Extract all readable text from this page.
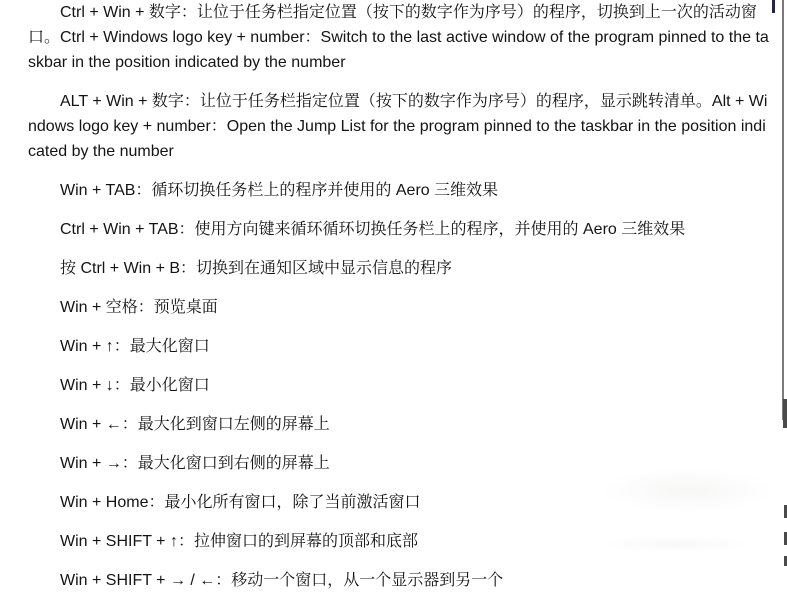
Ctrl + Win + 数字：让位于任务栏指定位置（按下的数字作为序号）的程序，切换到上一次的活动窗口。Ctrl + Windows logo key + number：Switch to the last active window of the program pinned to the taskbar in the position indicated by the number

ALT + Win + 数字：让位于任务栏指定位置（按下的数字作为序号）的程序，显示跳转清单。Alt + Windows logo key + number：Open the Jump List for the program pinned to the taskbar in the position indicated by the number

Win + TAB：循环切换任务栏上的程序并使用的 Aero 三维效果

Ctrl + Win + TAB：使用方向键来循环循环切换任务栏上的程序，并使用的 Aero 三维效果

按 Ctrl + Win + B：切换到在通知区域中显示信息的程序

Win + 空格：预览桌面

Win + ↑：最大化窗口

Win + ↓：最小化窗口

Win + ←：最大化到窗口左侧的屏幕上

Win + →：最大化窗口到右侧的屏幕上

Win + Home：最小化所有窗口，除了当前激活窗口

Win + SHIFT + ↑：拉伸窗口的到屏幕的顶部和底部

Win + SHIFT + → / ←：移动一个窗口，从一个显示器到另一个
